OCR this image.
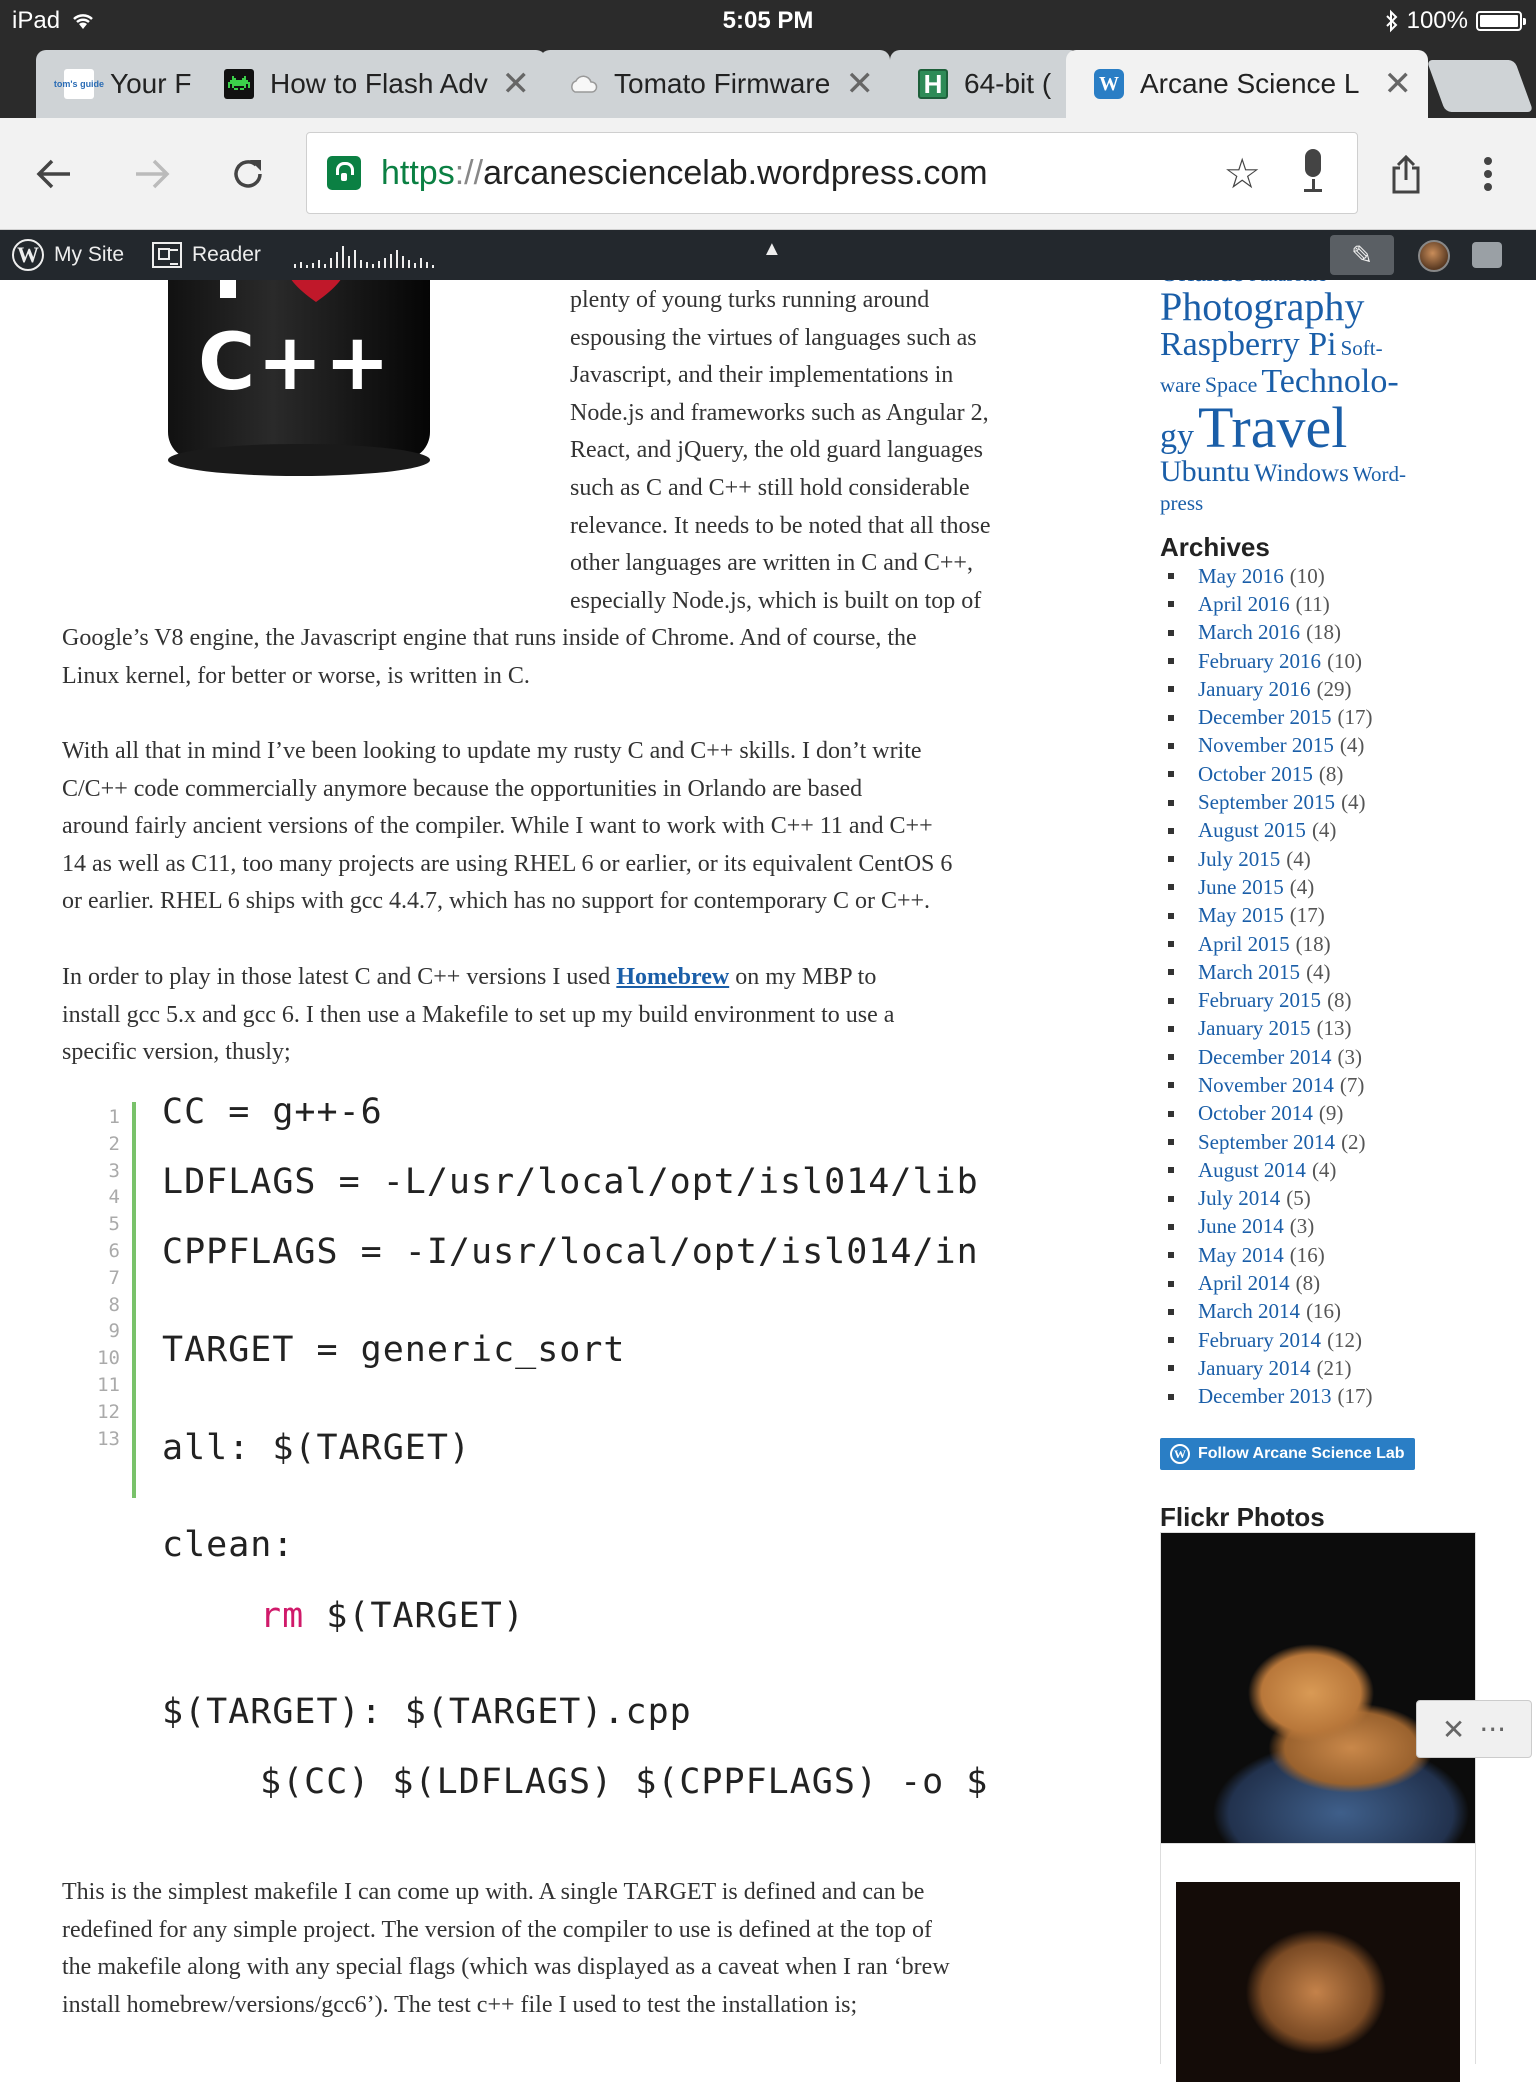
iPad	5:05 PM	100%
tom's guide Your F	How to Flash Adv ✕	Tomato Firmware ✕ H 64-bit (	W Arcane Science L ✕
https :// arcanesciencelab.wordpress.com	☆
W My Site	Reader	▲	✎
C++
plenty of young turks running around
espousing the virtues of languages such as
Javascript, and their implementations in
Node.js and frameworks such as Angular 2,
React, and jQuery, the old guard languages
such as C and C++ still hold considerable
relevance. It needs to be noted that all those
other languages are written in C and C++,
especially Node.js, which is built on top of
Google’s V8 engine, the Javascript engine that runs inside of Chrome. And of course, the
Linux kernel, for better or worse, is written in C.
With all that in mind I’ve been looking to update my rusty C and C++ skills. I don’t write
C/C++ code commercially anymore because the opportunities in Orlando are based
around fairly ancient versions of the compiler. While I want to work with C++ 11 and C++
14 as well as C11, too many projects are using RHEL 6 or earlier, or its equivalent CentOS 6
or earlier. RHEL 6 ships with gcc 4.4.7, which has no support for contemporary C or C++.
In order to play in those latest C and C++ versions I used Homebrew on my MBP to
install gcc 5.x and gcc 6. I then use a Makefile to set up my build environment to use a
specific version, thusly;
1
2
3
4
5
6
7
8
9
10
11
12
13
CC = g++-6
LDFLAGS = -L/usr/local/opt/isl014/lib
CPPFLAGS = -I/usr/local/opt/isl014/in
TARGET = generic_sort
all: $(TARGET)
clean:
rm $(TARGET)
$(TARGET): $(TARGET).cpp
$(CC) $(LDFLAGS) $(CPPFLAGS) -o $
This is the simplest makefile I can come up with. A single TARGET is defined and can be
redefined for any simple project. The version of the compiler to use is defined at the top of
the makefile along with any special flags (which was displayed as a caveat when I ran ‘brew
install homebrew/versions/gcc6’). The test c++ file I used to test the installation is;
Photography
Raspberry Pi Soft-
ware Space Technolo-
gy Travel
Ubuntu Windows Word-
press
Archives
May 2016 (10)
April 2016 (11)
March 2016 (18)
February 2016 (10)
January 2016 (29)
December 2015 (17)
November 2015 (4)
October 2015 (8)
September 2015 (4)
August 2015 (4)
July 2015 (4)
June 2015 (4)
May 2015 (17)
April 2015 (18)
March 2015 (4)
February 2015 (8)
January 2015 (13)
December 2014 (3)
November 2014 (7)
October 2014 (9)
September 2014 (2)
August 2014 (4)
July 2014 (5)
June 2014 (3)
May 2014 (16)
April 2014 (8)
March 2014 (16)
February 2014 (12)
January 2014 (21)
December 2013 (17)
W Follow Arcane Science Lab
Flickr Photos
✕ ···
